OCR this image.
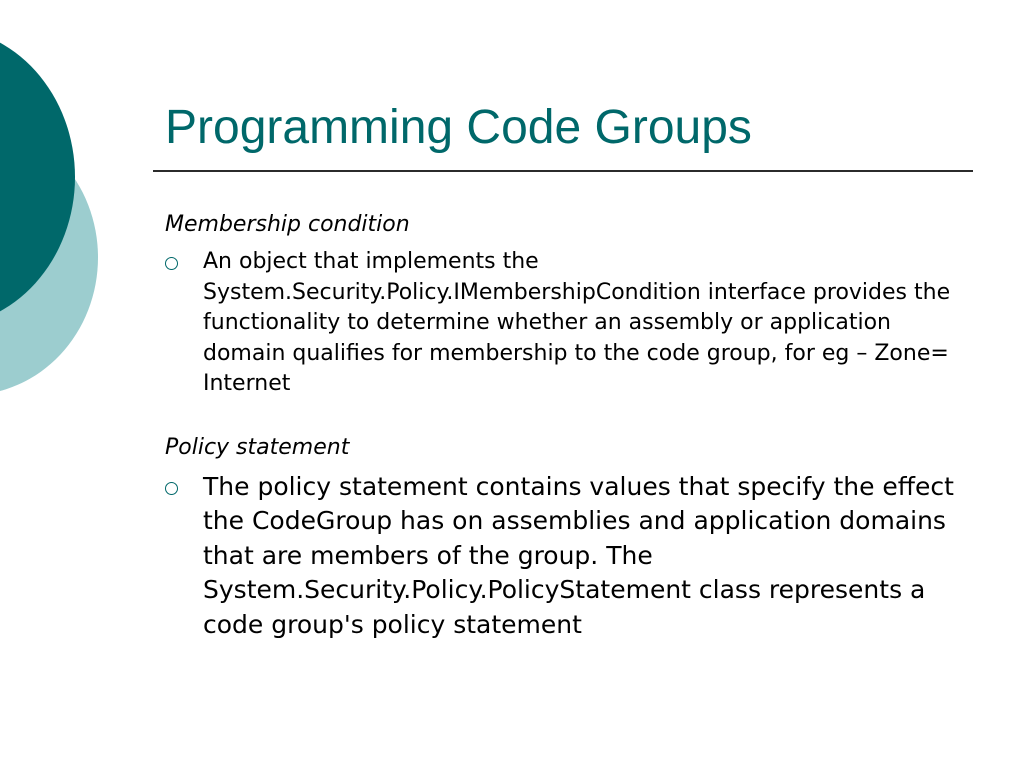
Programming Code Groups

Membership condition

An object that implements the System.Security.Policy.IMembershipCondition interface provides the functionality to determine whether an assembly or application domain qualifies for membership to the code group, for eg – Zone= Internet

Policy statement

The policy statement contains values that specify the effect the CodeGroup has on assemblies and application domains that are members of the group. The System.Security.Policy.PolicyStatement class represents a code group's policy statement
